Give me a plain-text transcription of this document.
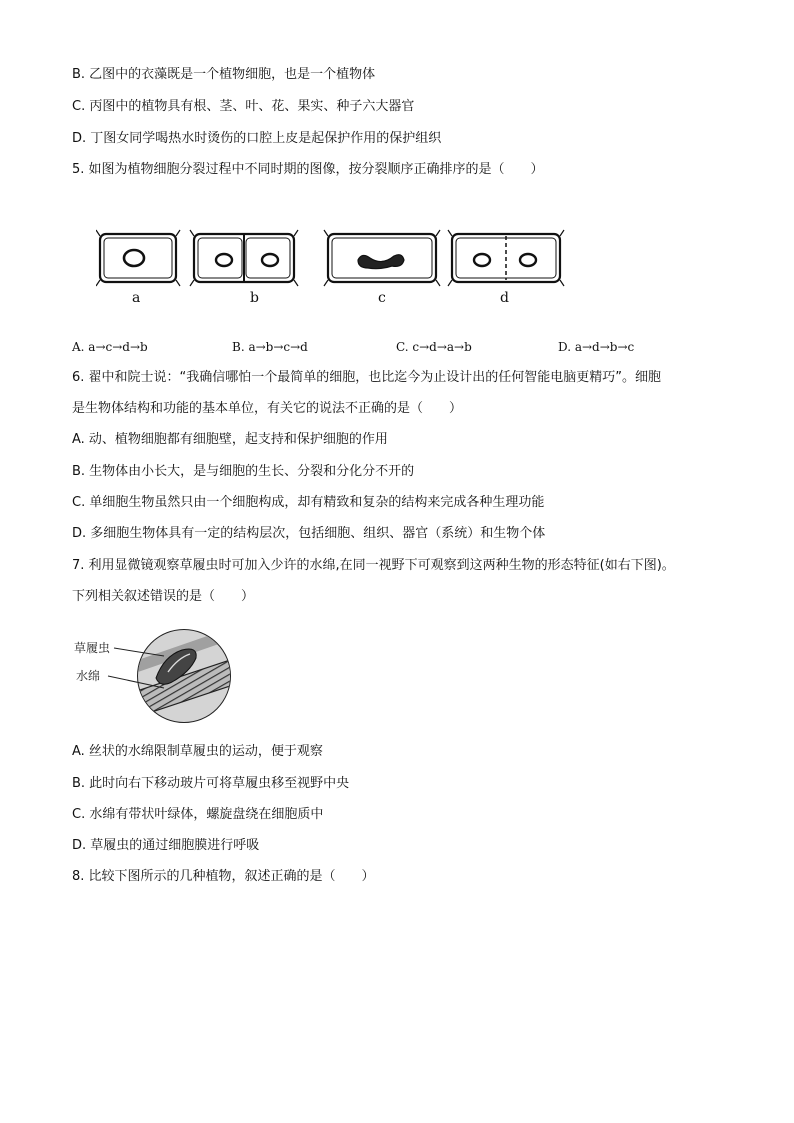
B. 乙图中的衣藻既是一个植物细胞，也是一个植物体
C. 丙图中的植物具有根、茎、叶、花、果实、种子六大器官
D. 丁图女同学喝热水时烫伤的口腔上皮是起保护作用的保护组织
5. 如图为植物细胞分裂过程中不同时期的图像，按分裂顺序正确排序的是（　　）
a	b	c	d
A. a→c→d→b	B. a→b→c→d	C. c→d→a→b	D. a→d→b→c
6. 翟中和院士说：“我确信哪怕一个最简单的细胞，也比迄今为止设计出的任何智能电脑更精巧”。细胞
是生物体结构和功能的基本单位，有关它的说法不正确的是（　　）
A. 动、植物细胞都有细胞壁，起支持和保护细胞的作用
B. 生物体由小长大，是与细胞的生长、分裂和分化分不开的
C. 单细胞生物虽然只由一个细胞构成，却有精致和复杂的结构来完成各种生理功能
D. 多细胞生物体具有一定的结构层次，包括细胞、组织、器官（系统）和生物个体
7. 利用显微镜观察草履虫时可加入少许的水绵,在同一视野下可观察到这两种生物的形态特征(如右下图)。
下列相关叙述错误的是（　　）
草履虫
水绵
A. 丝状的水绵限制草履虫的运动，便于观察
B. 此时向右下移动玻片可将草履虫移至视野中央
C. 水绵有带状叶绿体，螺旋盘绕在细胞质中
D. 草履虫的通过细胞膜进行呼吸
8. 比较下图所示的几种植物，叙述正确的是（　　）
